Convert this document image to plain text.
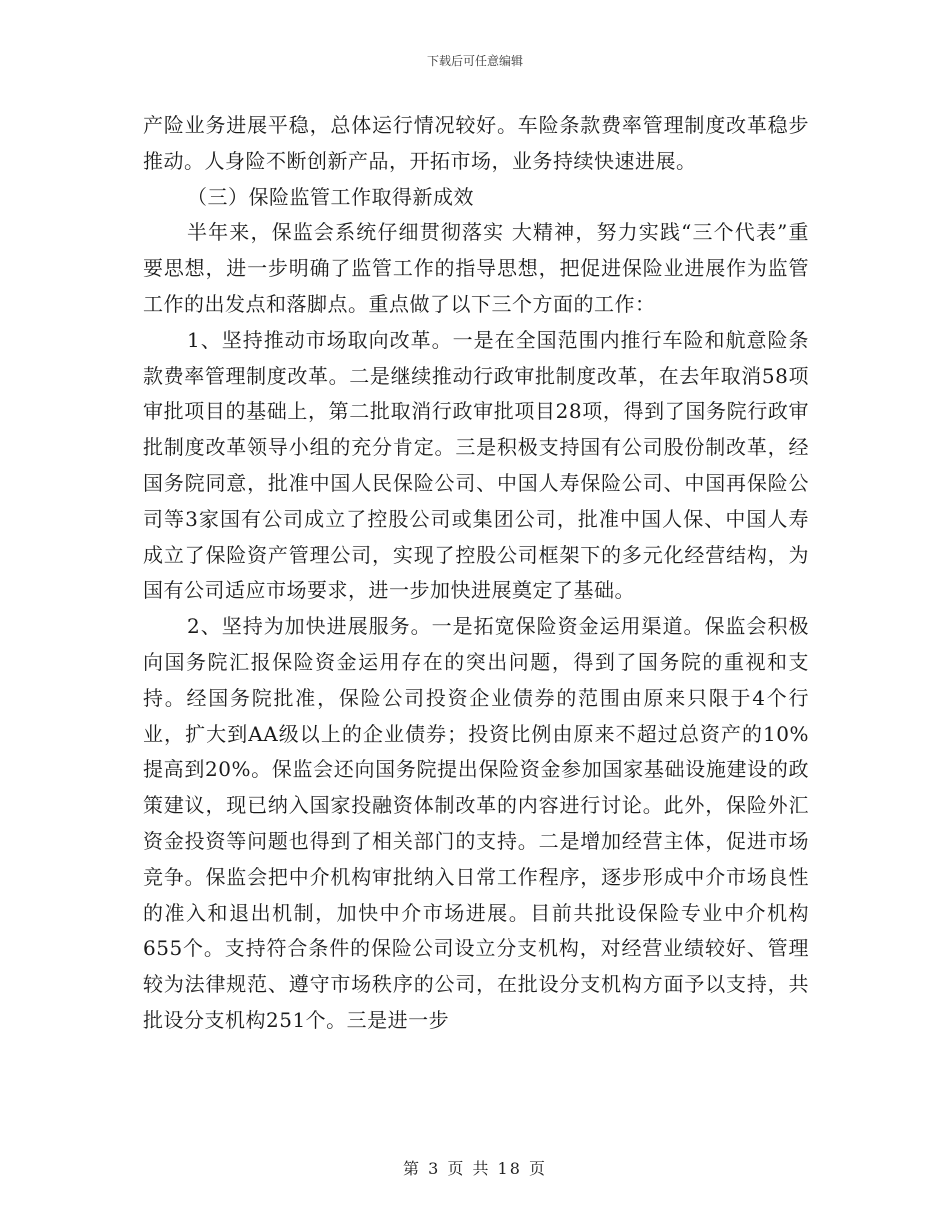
下载后可任意编辑

产险业务进展平稳，总体运行情况较好。车险条款费率管理制度改革稳步推动。人身险不断创新产品，开拓市场，业务持续快速进展。

（三）保险监管工作取得新成效

半年来，保监会系统仔细贯彻落实 大精神，努力实践“三个代表”重要思想，进一步明确了监管工作的指导思想，把促进保险业进展作为监管工作的出发点和落脚点。重点做了以下三个方面的工作：

1、坚持推动市场取向改革。一是在全国范围内推行车险和航意险条款费率管理制度改革。二是继续推动行政审批制度改革，在去年取消58项审批项目的基础上，第二批取消行政审批项目28项，得到了国务院行政审批制度改革领导小组的充分肯定。三是积极支持国有公司股份制改革，经国务院同意，批准中国人民保险公司、中国人寿保险公司、中国再保险公司等3家国有公司成立了控股公司或集团公司，批准中国人保、中国人寿成立了保险资产管理公司，实现了控股公司框架下的多元化经营结构，为国有公司适应市场要求，进一步加快进展奠定了基础。

2、坚持为加快进展服务。一是拓宽保险资金运用渠道。保监会积极向国务院汇报保险资金运用存在的突出问题，得到了国务院的重视和支持。经国务院批准，保险公司投资企业债券的范围由原来只限于4个行业，扩大到AA级以上的企业债券；投资比例由原来不超过总资产的10%提高到20%。保监会还向国务院提出保险资金参加国家基础设施建设的政策建议，现已纳入国家投融资体制改革的内容进行讨论。此外，保险外汇资金投资等问题也得到了相关部门的支持。二是增加经营主体，促进市场竞争。保监会把中介机构审批纳入日常工作程序，逐步形成中介市场良性的准入和退出机制，加快中介市场进展。目前共批设保险专业中介机构655个。支持符合条件的保险公司设立分支机构，对经营业绩较好、管理较为法律规范、遵守市场秩序的公司，在批设分支机构方面予以支持，共批设分支机构251个。三是进一步

第 3 页 共 18 页
